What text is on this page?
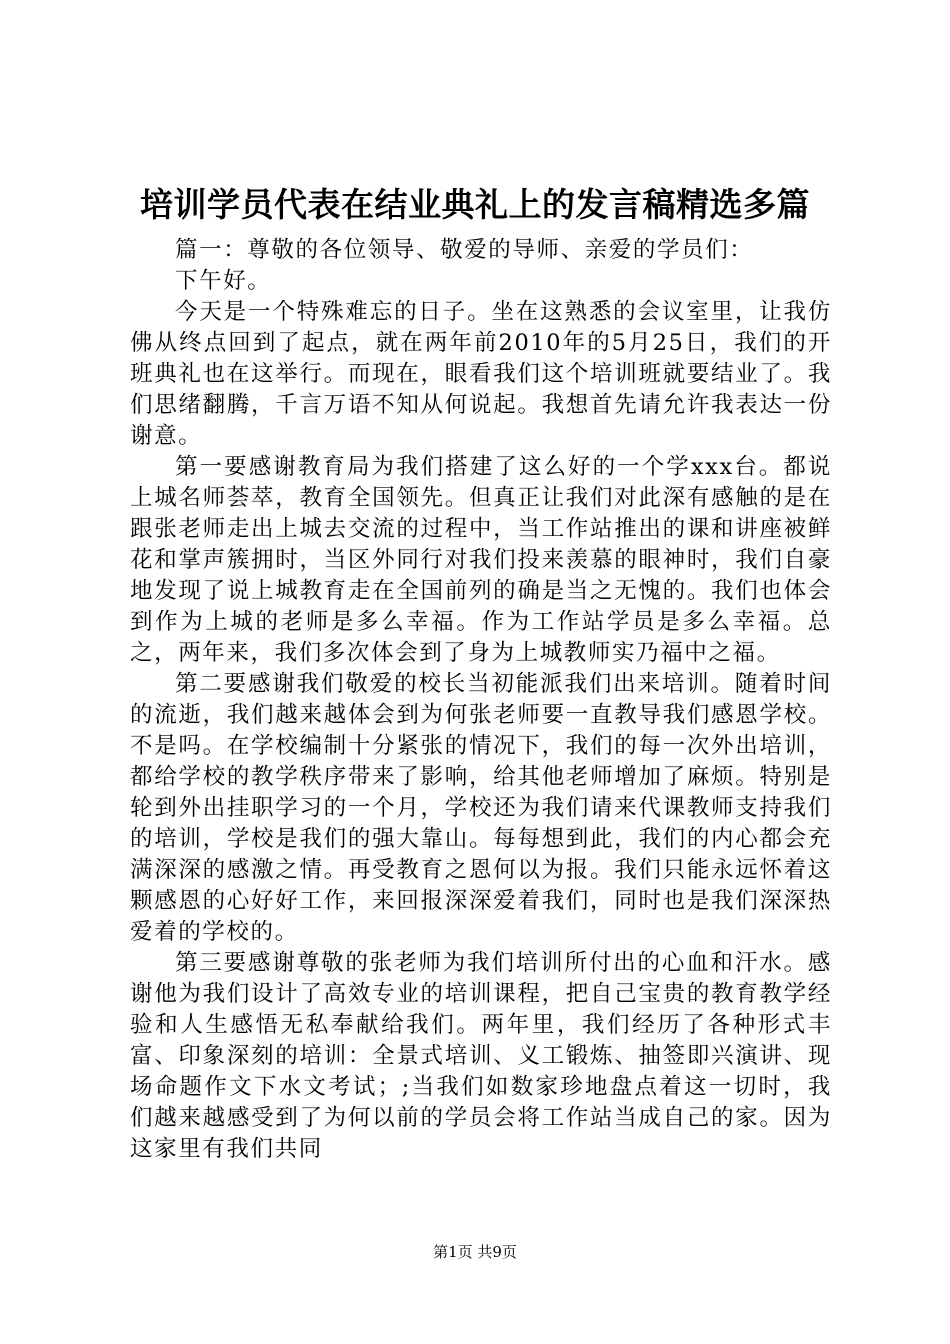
培训学员代表在结业典礼上的发言稿精选多篇

篇一：尊敬的各位领导、敬爱的导师、亲爱的学员们：

下午好。

今天是一个特殊难忘的日子。坐在这熟悉的会议室里，让我仿佛从终点回到了起点，就在两年前2010年的5月25日，我们的开班典礼也在这举行。而现在，眼看我们这个培训班就要结业了。我们思绪翻腾，千言万语不知从何说起。我想首先请允许我表达一份谢意。

第一要感谢教育局为我们搭建了这么好的一个学xxx台。都说上城名师荟萃，教育全国领先。但真正让我们对此深有感触的是在跟张老师走出上城去交流的过程中，当工作站推出的课和讲座被鲜花和掌声簇拥时，当区外同行对我们投来羡慕的眼神时，我们自豪地发现了说上城教育走在全国前列的确是当之无愧的。我们也体会到作为上城的老师是多么幸福。作为工作站学员是多么幸福。总之，两年来，我们多次体会到了身为上城教师实乃福中之福。

第二要感谢我们敬爱的校长当初能派我们出来培训。随着时间的流逝，我们越来越体会到为何张老师要一直教导我们感恩学校。不是吗。在学校编制十分紧张的情况下，我们的每一次外出培训，都给学校的教学秩序带来了影响，给其他老师增加了麻烦。特别是轮到外出挂职学习的一个月，学校还为我们请来代课教师支持我们的培训，学校是我们的强大靠山。每每想到此，我们的内心都会充满深深的感激之情。再受教育之恩何以为报。我们只能永远怀着这颗感恩的心好好工作，来回报深深爱着我们，同时也是我们深深热爱着的学校的。

第三要感谢尊敬的张老师为我们培训所付出的心血和汗水。感谢他为我们设计了高效专业的培训课程，把自己宝贵的教育教学经验和人生感悟无私奉献给我们。两年里，我们经历了各种形式丰富、印象深刻的培训：全景式培训、义工锻炼、抽签即兴演讲、现场命题作文下水文考试；;当我们如数家珍地盘点着这一切时，我们越来越感受到了为何以前的学员会将工作站当成自己的家。因为这家里有我们共同

第1页 共9页
